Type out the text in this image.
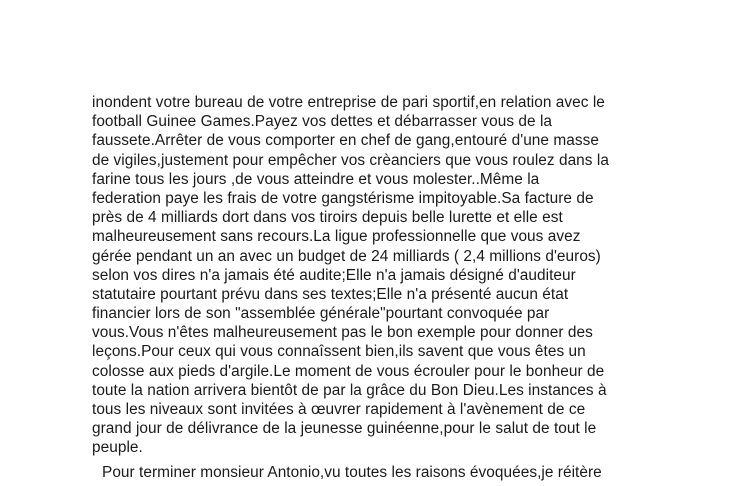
inondent votre bureau de votre entreprise de pari sportif,en relation avec le
football Guinee Games.Payez vos dettes et débarrasser vous de la
faussete.Arrêter de vous comporter en chef de gang,entouré d'une masse
de vigiles,justement pour empêcher vos crèanciers que vous roulez dans la
farine tous les jours ,de vous atteindre et vous molester..Même la
federation paye les frais de votre gangstérisme impitoyable.Sa facture de
près de 4 milliards dort dans vos tiroirs depuis belle lurette et elle est
malheureusement sans recours.La ligue professionnelle que vous avez
gérée pendant un an avec un budget de 24 milliards ( 2,4 millions d'euros)
selon vos dires n'a jamais été audite;Elle n'a jamais désigné d'auditeur
statutaire pourtant prévu dans ses textes;Elle n'a présenté aucun état
financier lors de son "assemblée générale"pourtant convoquée par
vous.Vous n'êtes malheureusement pas le bon exemple pour donner des
leçons.Pour ceux qui vous connaîssent bien,ils savent que vous êtes un
colosse aux pieds d'argile.Le moment de vous écrouler pour le bonheur de
toute la nation arrivera bientôt de par la grâce du Bon Dieu.Les instances à
tous les niveaux sont invitées à œuvrer rapidement à l'avènement de ce
grand jour de délivrance de la jeunesse guinéenne,pour le salut de tout le
peuple.
Pour terminer monsieur Antonio,vu toutes les raisons évoquées,je réitère
